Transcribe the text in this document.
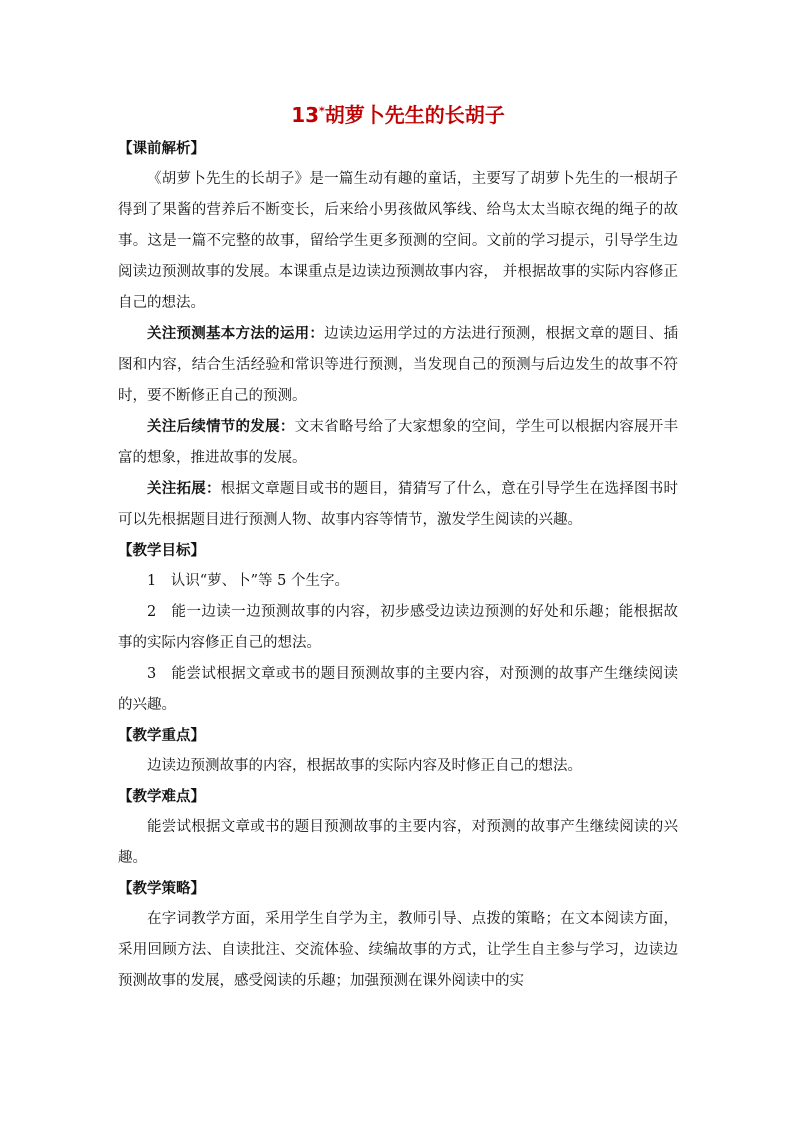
13*胡萝卜先生的长胡子
【课前解析】

《胡萝卜先生的长胡子》是一篇生动有趣的童话，主要写了胡萝卜先生的一根胡子得到了果酱的营养后不断变长，后来给小男孩做风筝线、给鸟太太当晾衣绳的绳子的故事。这是一篇不完整的故事，留给学生更多预测的空间。文前的学习提示，引导学生边阅读边预测故事的发展。本课重点是边读边预测故事内容， 并根据故事的实际内容修正自己的想法。

关注预测基本方法的运用：边读边运用学过的方法进行预测，根据文章的题目、插图和内容，结合生活经验和常识等进行预测，当发现自己的预测与后边发生的故事不符时，要不断修正自己的预测。

关注后续情节的发展：文末省略号给了大家想象的空间，学生可以根据内容展开丰富的想象，推进故事的发展。

关注拓展：根据文章题目或书的题目，猜猜写了什么，意在引导学生在选择图书时可以先根据题目进行预测人物、故事内容等情节，激发学生阅读的兴趣。

【教学目标】

1　认识“萝、卜”等 5 个生字。

2　能一边读一边预测故事的内容，初步感受边读边预测的好处和乐趣；能根据故事的实际内容修正自己的想法。

3　能尝试根据文章或书的题目预测故事的主要内容，对预测的故事产生继续阅读的兴趣。

【教学重点】

边读边预测故事的内容，根据故事的实际内容及时修正自己的想法。

【教学难点】

能尝试根据文章或书的题目预测故事的主要内容，对预测的故事产生继续阅读的兴趣。

【教学策略】

在字词教学方面，采用学生自学为主，教师引导、点拨的策略；在文本阅读方面，采用回顾方法、自读批注、交流体验、续编故事的方式，让学生自主参与学习，边读边预测故事的发展，感受阅读的乐趣；加强预测在课外阅读中的实
